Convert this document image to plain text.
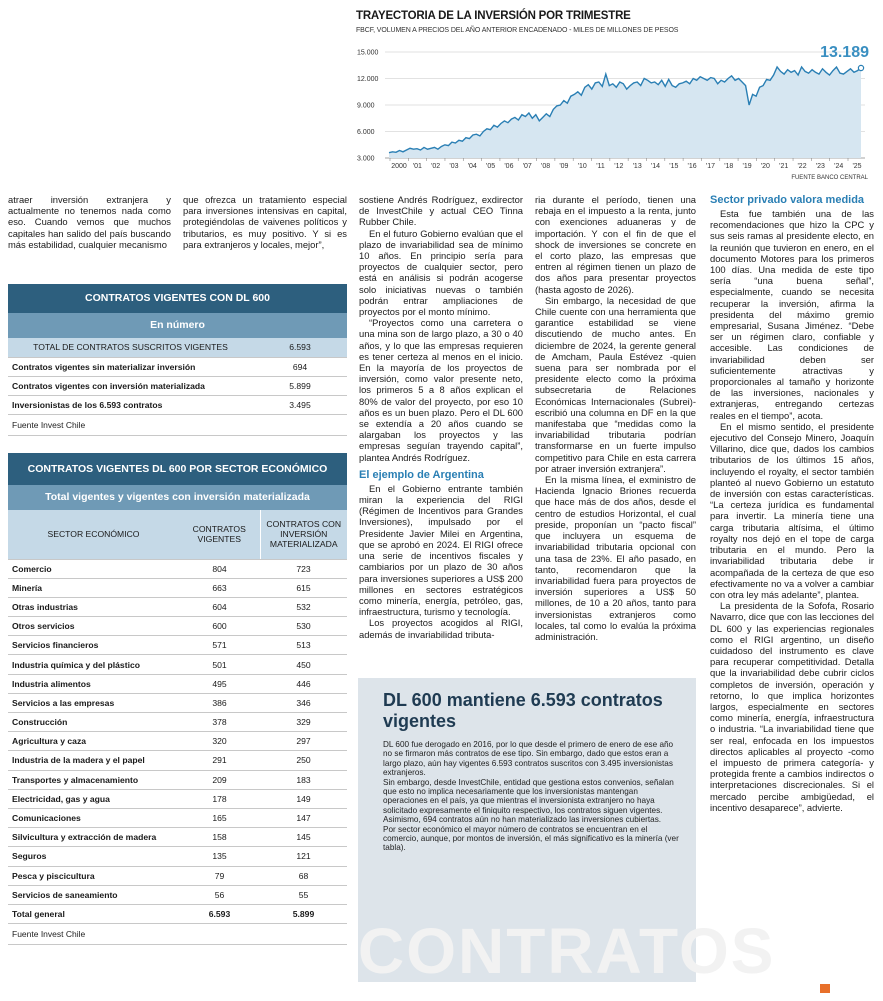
TRAYECTORIA DE LA INVERSIÓN POR TRIMESTRE
FBCF, VOLUMEN A PRECIOS DEL AÑO ANTERIOR ENCADENADO - MILES DE MILLONES DE PESOS
15.000
12.000
9.000
6.000
3.000
2000 '01 '02 '03 '04 '05 '06 '07 '08 '09 '10 '11 '12 '13 '14 '15 '16 '17 '18 '19 '20 '21 '22 '23 '24 '25
13.189
FUENTE BANCO CENTRAL

atraer inversión extranjera y actualmente no tenemos nada como eso. Cuando vemos que muchos capitales han salido del país buscando más estabilidad, cualquier mecanismo

que ofrezca un tratamiento especial para inversiones intensivas en capital, protegiéndolas de vaivenes políticos y tributarios, es muy positivo. Y si es para extranjeros y locales, mejor”,

CONTRATOS VIGENTES CON DL 600
En número
TOTAL DE CONTRATOS SUSCRITOS VIGENTES	6.593
Contratos vigentes sin materializar inversión	694
Contratos vigentes con inversión materializada	5.899
Inversionistas de los 6.593 contratos	3.495
Fuente Invest Chile
CONTRATOS VIGENTES DL 600 POR SECTOR ECONÓMICO
Total vigentes y vigentes con inversión materializada
SECTOR ECONÓMICO	CONTRATOS VIGENTES	CONTRATOS CON INVERSIÓN MATERIALIZADA
Comercio	804	723
Minería	663	615
Otras industrias	604	532
Otros servicios	600	530
Servicios financieros	571	513
Industria química y del plástico	501	450
Industria alimentos	495	446
Servicios a las empresas	386	346
Construcción	378	329
Agricultura y caza	320	297
Industria de la madera y el papel	291	250
Transportes y almacenamiento	209	183
Electricidad, gas y agua	178	149
Comunicaciones	165	147
Silvicultura y extracción de madera	158	145
Seguros	135	121
Pesca y piscicultura	79	68
Servicios de saneamiento	56	55
Total general	6.593	5.899
Fuente Invest Chile

sostiene Andrés Rodríguez, exdirector de InvestChile y actual CEO Tinna Rubber Chile.

En el futuro Gobierno evalúan que el plazo de invariabilidad sea de mínimo 10 años. En principio sería para proyectos de cualquier sector, pero está en análisis si podrán acogerse solo iniciativas nuevas o también podrán entrar ampliaciones de proyectos por el monto mínimo.

“Proyectos como una carretera o una mina son de largo plazo, a 30 o 40 años, y lo que las empresas requieren es tener certeza al menos en el inicio. En la mayoría de los proyectos de inversión, como valor presente neto, los primeros 5 a 8 años explican el 80% de valor del proyecto, por eso 10 años es un buen plazo. Pero el DL 600 se extendía a 20 años cuando se alargaban los proyectos y las empresas seguían trayendo capital”, plantea Andrés Rodríguez.

El ejemplo de Argentina

En el Gobierno entrante también miran la experiencia del RIGI (Régimen de Incentivos para Grandes Inversiones), impulsado por el Presidente Javier Milei en Argentina, que se aprobó en 2024. El RIGI ofrece una serie de incentivos fiscales y cambiarios por un plazo de 30 años para inversiones superiores a US$ 200 millones en sectores estratégicos como minería, energía, petróleo, gas, infraestructura, turismo y tecnología.

Los proyectos acogidos al RIGI, además de invariabilidad tributa-

ria durante el período, tienen una rebaja en el impuesto a la renta, junto con exenciones aduaneras y de importación. Y con el fin de que el shock de inversiones se concrete en el corto plazo, las empresas que entren al régimen tienen un plazo de dos años para presentar proyectos (hasta agosto de 2026).

Sin embargo, la necesidad de que Chile cuente con una herramienta que garantice estabilidad se viene discutiendo de mucho antes. En diciembre de 2024, la gerente general de Amcham, Paula Estévez -quien suena para ser nombrada por el presidente electo como la próxima subsecretaria de Relaciones Económicas Internacionales (Subrei)- escribió una columna en DF en la que manifestaba que “medidas como la invariabilidad tributaria podrían transformarse en un fuerte impulso competitivo para Chile en esta carrera por atraer inversión extranjera”.

En la misma línea, el exministro de Hacienda Ignacio Briones recuerda que hace más de dos años, desde el centro de estudios Horizontal, el cual preside, proponían un “pacto fiscal” que incluyera un esquema de invariabilidad tributaria opcional con una tasa de 23%. El año pasado, en tanto, recomendaron que la invariabilidad fuera para proyectos de inversión superiores a US$ 50 millones, de 10 a 20 años, tanto para inversionistas extranjeros como locales, tal como lo evalúa la próxima administración.

CONTRATOS
DL 600 mantiene 6.593 contratos vigentes

DL 600 fue derogado en 2016, por lo que desde el primero de enero de ese año no se firmaron más contratos de ese tipo. Sin embargo, dado que estos eran a largo plazo, aún hay vigentes 6.593 contratos suscritos con 3.495 inversionistas extranjeros.

Sin embargo, desde InvestChile, entidad que gestiona estos convenios, señalan que esto no implica necesariamente que los inversionistas mantengan operaciones en el país, ya que mientras el inversionista extranjero no haya solicitado expresamente el finiquito respectivo, los contratos siguen vigentes. Asimismo, 694 contratos aún no han materializado las inversiones cubiertas.

Por sector económico el mayor número de contratos se encuentran en el comercio, aunque, por montos de inversión, el más significativo es la minería (ver tabla).

Sector privado valora medida

Esta fue también una de las recomendaciones que hizo la CPC y sus seis ramas al presidente electo, en la reunión que tuvieron en enero, en el documento Motores para los primeros 100 días. Una medida de este tipo sería “una buena señal”, especialmente, cuando se necesita recuperar la inversión, afirma la presidenta del máximo gremio empresarial, Susana Jiménez. “Debe ser un régimen claro, confiable y accesible. Las condiciones de invariabilidad deben ser suficientemente atractivas y proporcionales al tamaño y horizonte de las inversiones, nacionales y extranjeras, entregando certezas reales en el tiempo”, acota.

En el mismo sentido, el presidente ejecutivo del Consejo Minero, Joaquín Villarino, dice que, dados los cambios tributarios de los últimos 15 años, incluyendo el royalty, el sector también planteó al nuevo Gobierno un estatuto de inversión con estas características. “La certeza jurídica es fundamental para invertir. La minería tiene una carga tributaria altísima, el último royalty nos dejó en el tope de carga tributaria en el mundo. Pero la invariabilidad tributaria debe ir acompañada de la certeza de que eso efectivamente no va a volver a cambiar con otra ley más adelante”, plantea.

La presidenta de la Sofofa, Rosario Navarro, dice que con las lecciones del DL 600 y las experiencias regionales como el RIGI argentino, un diseño cuidadoso del instrumento es clave para recuperar competitividad. Detalla que la invariabilidad debe cubrir ciclos completos de inversión, operación y retorno, lo que implica horizontes largos, especialmente en sectores como minería, energía, infraestructura o industria. “La invariabilidad tiene que ser real, enfocada en los impuestos directos aplicables al proyecto -como el impuesto de primera categoría- y protegida frente a cambios indirectos o interpretaciones discrecionales. Si el mercado percibe ambigüedad, el incentivo desaparece”, advierte.
